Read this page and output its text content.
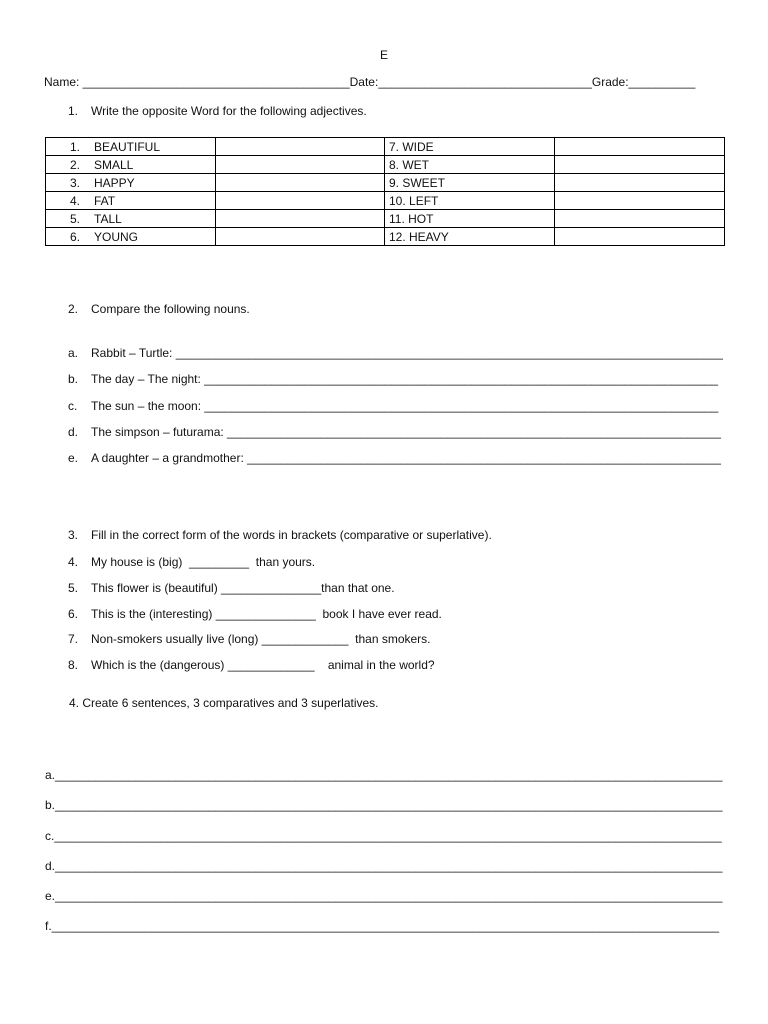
E
Name: ________________________________________Date:________________________________Grade:__________
1. Write the opposite Word for the following adjectives.
1. BEAUTIFUL		7. WIDE	
2. SMALL		8. WET	
3. HAPPY		9. SWEET	
4. FAT		10. LEFT	
5. TALL		11. HOT	
6. YOUNG		12. HEAVY	
2. Compare the following nouns.
a. Rabbit – Turtle: __________________________________________________________________________________
b. The day – The night: _____________________________________________________________________________
c. The sun – the moon: _____________________________________________________________________________
d. The simpson – futurama: __________________________________________________________________________
e. A daughter – a grandmother: _______________________________________________________________________
3. Fill in the correct form of the words in brackets (comparative or superlative).
4. My house is (big)  _________  than yours.
5. This flower is (beautiful) _______________than that one.
6. This is the (interesting) _______________  book I have ever read.
7. Non-smokers usually live (long) _____________  than smokers.
8. Which is the (dangerous) _____________    animal in the world?
4. Create 6 sentences, 3 comparatives and 3 superlatives.
a.____________________________________________________________________________________________________
b.____________________________________________________________________________________________________
c.____________________________________________________________________________________________________
d.____________________________________________________________________________________________________
e.____________________________________________________________________________________________________
f.____________________________________________________________________________________________________
